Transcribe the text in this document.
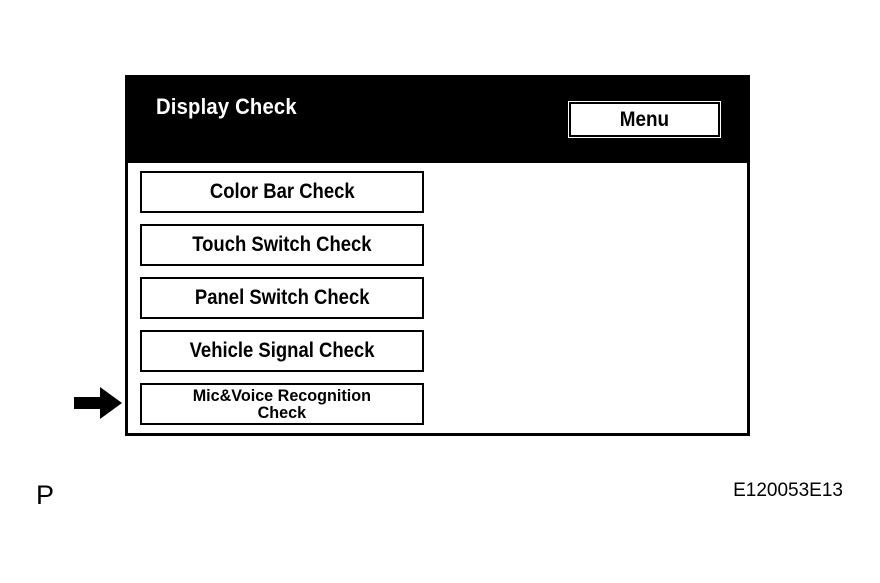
Display Check	Menu
Color Bar Check
Touch Switch Check
Panel Switch Check
Vehicle Signal Check
Mic&Voice Recognition
Check
P	E120053E13
